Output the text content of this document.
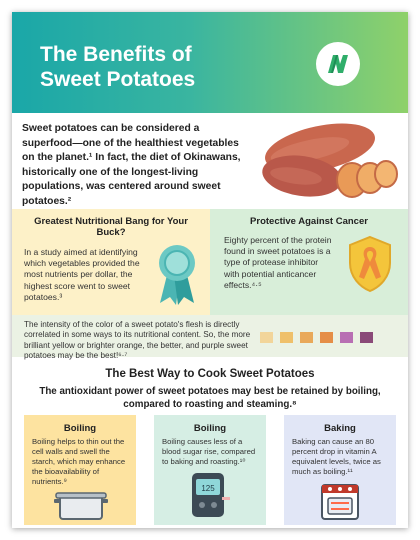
The Benefits of
Sweet Potatoes
Sweet potatoes can be considered a superfood—one of the healthiest vegetables on the planet.¹ In fact, the diet of Okinawans, historically one of the longest-living populations, was centered around sweet potatoes.²
Greatest Nutritional Bang for Your Buck?
In a study aimed at identifying which vegetables provided the most nutrients per dollar, the highest score went to sweet potatoes.³
Protective Against Cancer
Eighty percent of the protein found in sweet potatoes is a type of protease inhibitor with potential anticancer effects.⁴·⁵
The intensity of the color of a sweet potato's flesh is directly correlated in some ways to its nutritional content. So, the more brilliant yellow or brighter orange, the better, and purple sweet potatoes may be the best!⁶·⁷
The Best Way to Cook Sweet Potatoes
The antioxidant power of sweet potatoes may best be retained by boiling, compared to roasting and steaming.⁸
Boiling
Boiling helps to thin out the cell walls and swell the starch, which may enhance the bioavailability of nutrients.⁹
Boiling
Boiling causes less of a blood sugar rise, compared to baking and roasting.¹⁰
125
Baking
Baking can cause an 80 percent drop in vitamin A equivalent levels, twice as much as boiling.¹¹
